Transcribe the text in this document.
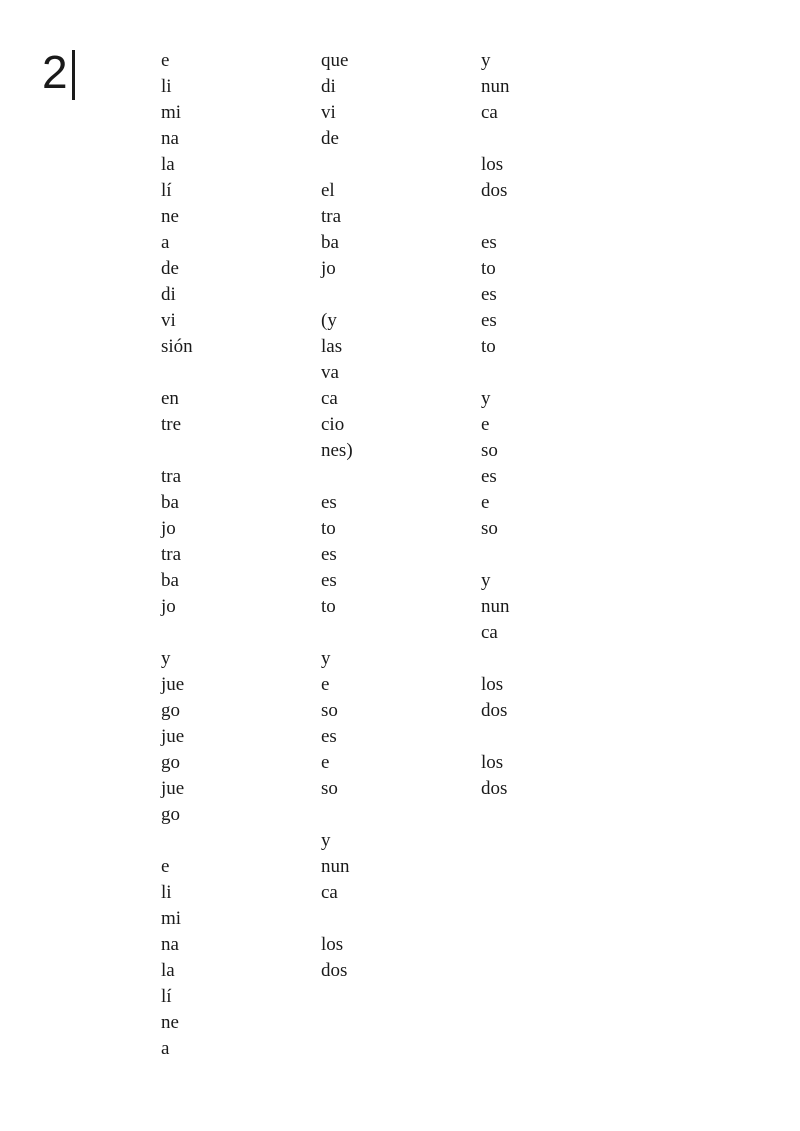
2	e
li
mi
na
la
lí
ne
a
de
di
vi
sión
en
tre
tra
ba
jo
tra
ba
jo
y
jue
go
jue
go
jue
go
e
li
mi
na
la
lí
ne
a
que
di
vi
de
el
tra
ba
jo
(y
las
va
ca
cio
nes)
es
to
es
es
to
y
e
so
es
e
so
y
nun
ca
los
dos
y
nun
ca
los
dos
es
to
es
es
to
y
e
so
es
e
so
y
nun
ca
los
dos
los
dos
